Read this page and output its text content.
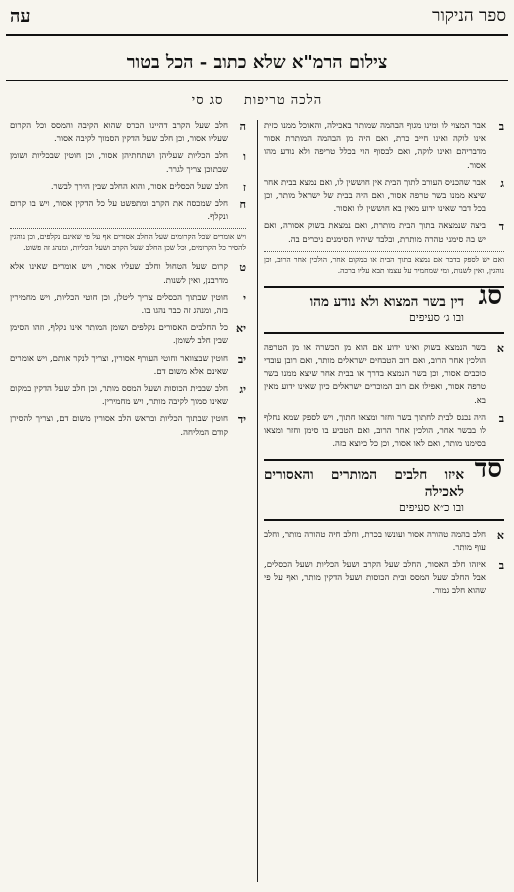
ספר הניקור
עה
צילום הרמ"א שלא כתוב - הכל בטור
הלכה טריפות    סג סי
ב
אבר המצוי לו ומינו מגוף הבהמה שמותר באכילה, והאוכל ממנו כזית אינו לוקה ואינו חייב כרת, ואם היה מן הבהמה המותרת אסור מדבריהם ואינו לוקה, ואם לבסוף הוי בכלל טריפה ולא נודע מהו אסור.
ג
אבר שהכניס העורב לתוך הבית אין חוששין לו, ואם נמצא בבית אחר שיצא ממנו בשר טרפה אסור, ואם היה בבית של ישראל מותר, וכן בכל דבר שאינו ידוע מאין בא חוששין לו ואסור.
ד
ביצה שנמצאה בתוך הבית מותרת, ואם נמצאת בשוק אסורה, ואם יש בה סימני טהרה מותרת, ובלבד שיהיו הסימנים ניכרים בה.
ואם יש לספק בדבר אם נמצא בתוך הבית או במקום אחר, הולכין אחר הרוב, וכן נוהגין, ואין לשנות, ומי שמחמיר על עצמו תבא עליו ברכה.
סג
דין בשר המצוא ולא נודע מהו
ובו ג׳ סעיפים
א
בשר הנמצא בשוק ואינו ידוע אם הוא מן הכשרה או מן הטרפה הולכין אחר הרוב, ואם רוב הטבחים ישראלים מותר, ואם רובן עובדי כוכבים אסור, וכן בשר הנמצא בדרך או בבית אחר שיצא ממנו בשר טרפה אסור, ואפילו אם רוב המוכרים ישראלים כיון שאינו ידוע מאין בא.
ב
היה נכנס לבית לחתוך בשר וחזר ומצאו חתוך, ויש לספק שמא נחלף לו בבשר אחר, הולכין אחר הרוב, ואם הטביע בו סימן וחזר ומצאו בסימנו מותר, ואם לאו אסור, וכן כל כיוצא בזה.
סד
איזו חלבים המותרים והאסורים לאכילה
ובו כ״א סעיפים
א
חלב בהמה טהורה אסור ועונשו בכרת, וחלב חיה טהורה מותר, וחלב עוף מותר.
ב
איזהו חלב האסור, החלב שעל הקרב ושעל הכליות ושעל הכסלים, אבל החלב שעל המסס ובית הכוסות ושעל הדקין מותר, ואף על פי שהוא חלב גמור.
ה
חלב שעל הקרב דהיינו הכרס שהוא הקיבה והמסס וכל הקרום שעליו אסור, וכן חלב שעל הדקין הסמוך לקיבה אסור.
ו
חלב הכליות שעליהן ושתחתיהן אסור, וכן חוטין שבכליות ושומן שבתוכן צריך לגרר.
ז
חלב שעל הכסלים אסור, והוא החלב שבין הירך לבשר.
ח
חלב שמכסה את הקרב ומתפשט על כל הדקין אסור, ויש בו קרום ונקלף.
ויש אומרים שכל הקרומים שעל החלב אסורים אף על פי שאינם נקלפים, וכן נוהגין להסיר כל הקרומים, וכל שכן החלב שעל הקרב ושעל הכליות, ומנהג זה פשוט.
ט
קרום שעל הטחול וחלב שעליו אסור, ויש אומרים שאינו אלא מדרבנן, ואין לשנות.
י
חוטין שבתוך הכסלים צריך ליטלן, וכן חוטי הכליות, ויש מחמירין בזה, ומנהג זה כבר נהגו בו.
יא
כל החלבים האסורים נקלפים ושומן המותר אינו נקלף, וזהו הסימן שבין חלב לשומן.
יב
חוטין שבצוואר וחוטי העורף אסורין, וצריך לנקר אותם, ויש אומרים שאינם אלא משום דם.
יג
חלב שבבית הכוסות ושעל המסס מותר, וכן חלב שעל הדקין במקום שאינו סמוך לקיבה מותר, ויש מחמירין.
יד
חוטין שבתוך הכליות ובראש הלב אסורין משום דם, וצריך להסירן קודם המליחה.
